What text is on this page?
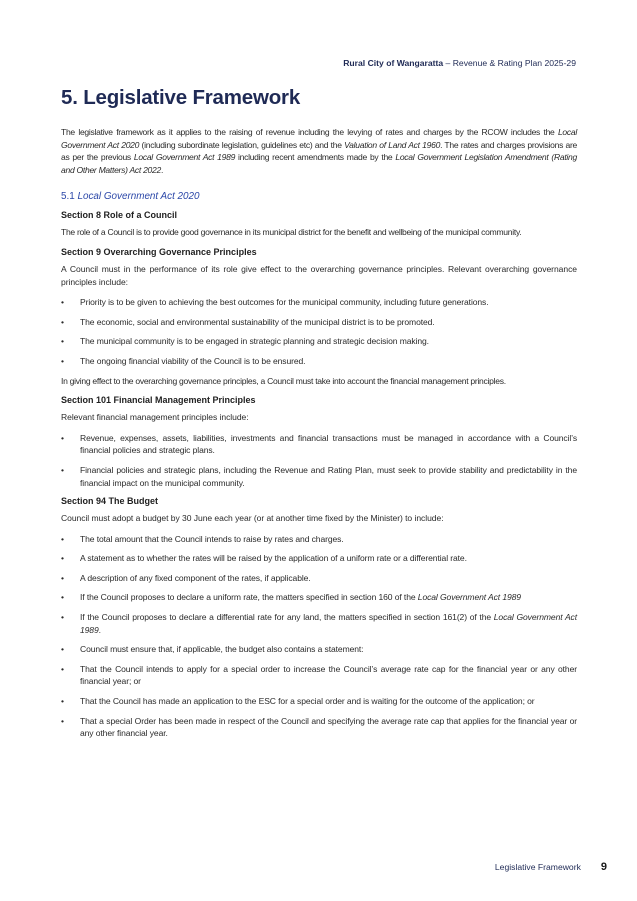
Rural City of Wangaratta – Revenue & Rating Plan 2025-29
5. Legislative Framework

The legislative framework as it applies to the raising of revenue including the levying of rates and charges by the RCOW includes the Local Government Act 2020 (including subordinate legislation, guidelines etc) and the Valuation of Land Act 1960. The rates and charges provisions are as per the previous Local Government Act 1989 including recent amendments made by the Local Government Legislation Amendment (Rating and Other Matters) Act 2022.

5.1 Local Government Act 2020
Section 8 Role of a Council

The role of a Council is to provide good governance in its municipal district for the benefit and wellbeing of the municipal community.

Section 9 Overarching Governance Principles

A Council must in the performance of its role give effect to the overarching governance principles. Relevant overarching governance principles include:

• Priority is to be given to achieving the best outcomes for the municipal community, including future generations.
• The economic, social and environmental sustainability of the municipal district is to be promoted.
• The municipal community is to be engaged in strategic planning and strategic decision making.
• The ongoing financial viability of the Council is to be ensured.

In giving effect to the overarching governance principles, a Council must take into account the financial management principles.

Section 101 Financial Management Principles

Relevant financial management principles include:

• Revenue, expenses, assets, liabilities, investments and financial transactions must be managed in accordance with a Council’s financial policies and strategic plans.
• Financial policies and strategic plans, including the Revenue and Rating Plan, must seek to provide stability and predictability in the financial impact on the municipal community.
Section 94 The Budget

Council must adopt a budget by 30 June each year (or at another time fixed by the Minister) to include:

• The total amount that the Council intends to raise by rates and charges.
• A statement as to whether the rates will be raised by the application of a uniform rate or a differential rate.
• A description of any fixed component of the rates, if applicable.
• If the Council proposes to declare a uniform rate, the matters specified in section 160 of the Local Government Act 1989
• If the Council proposes to declare a differential rate for any land, the matters specified in section 161(2) of the Local Government Act 1989.
• Council must ensure that, if applicable, the budget also contains a statement:
• That the Council intends to apply for a special order to increase the Council’s average rate cap for the financial year or any other financial year; or
• That the Council has made an application to the ESC for a special order and is waiting for the outcome of the application; or
• That a special Order has been made in respect of the Council and specifying the average rate cap that applies for the financial year or any other financial year.
Legislative Framework 9
